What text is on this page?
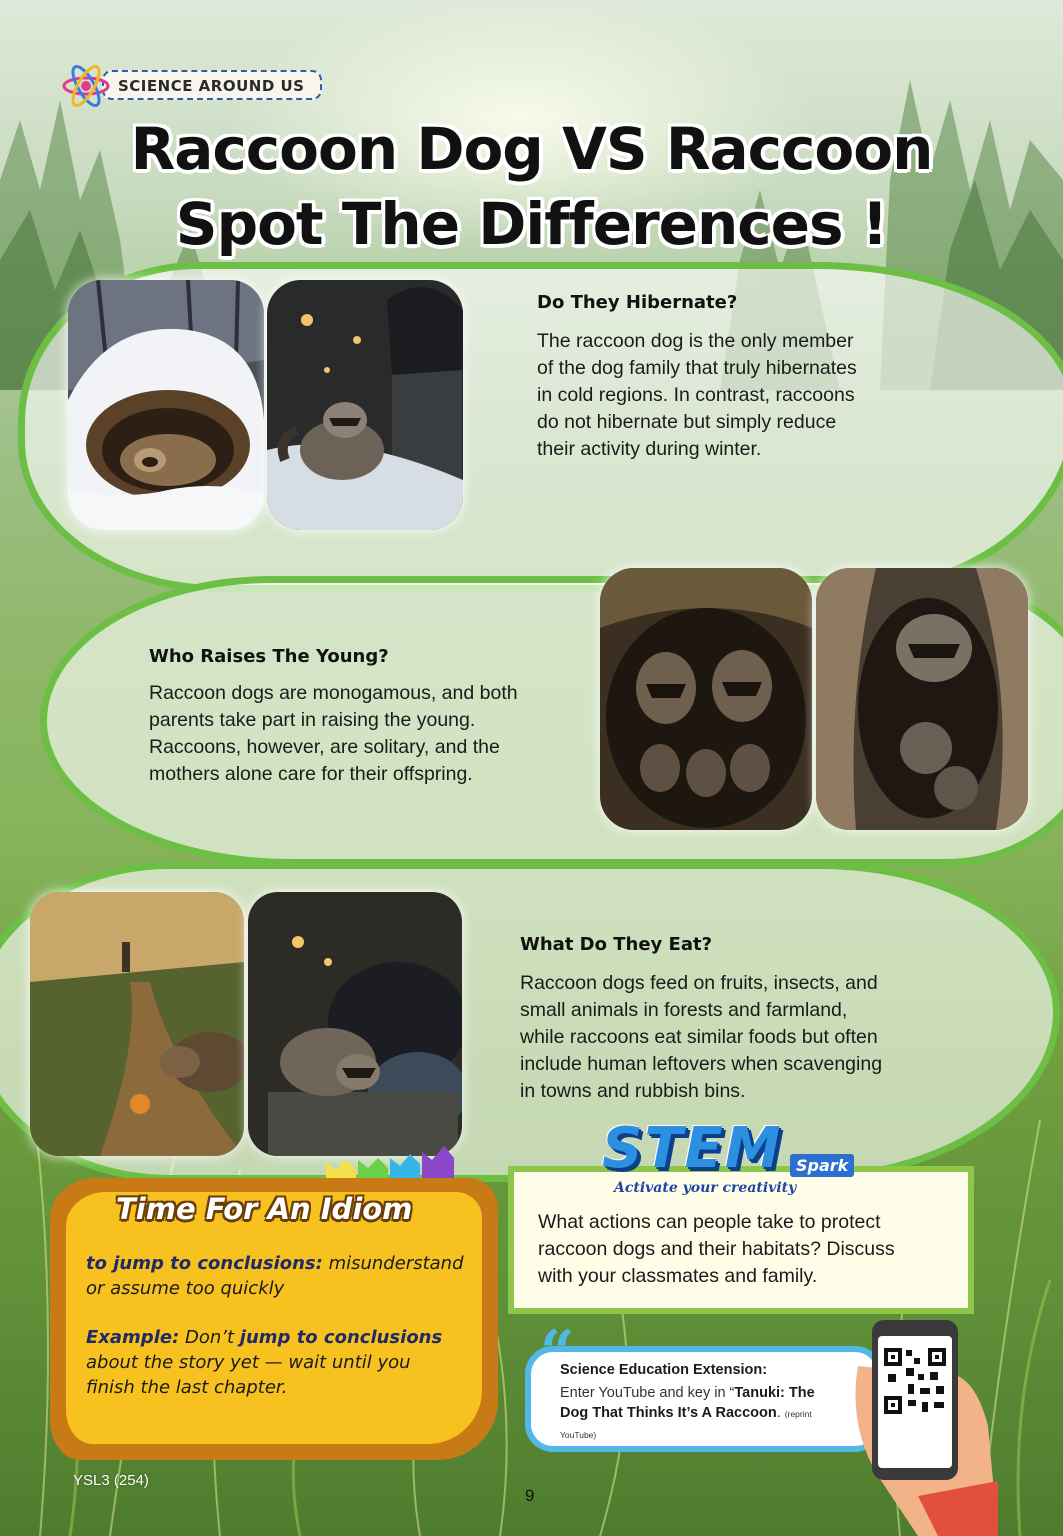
SCIENCE AROUND US
Raccoon Dog VS Raccoon
Spot The Differences !
Do They Hibernate?
The raccoon dog is the only member
of the dog family that truly hibernates
in cold regions. In contrast, raccoons
do not hibernate but simply reduce
their activity during winter.
Who Raises The Young?
Raccoon dogs are monogamous, and both
parents take part in raising the young.
Raccoons, however, are solitary, and the
mothers alone care for their offspring.
What Do They Eat?
Raccoon dogs feed on fruits, insects, and
small animals in forests and farmland,
while raccoons eat similar foods but often
include human leftovers when scavenging
in towns and rubbish bins.
STEM Spark
Activate your creativity
What actions can people take to protect
raccoon dogs and their habitats? Discuss
with your classmates and family.
Time For An Idiom
to jump to conclusions: misunderstand
or assume too quickly
Example: Don’t jump to conclusions
about the story yet — wait until you
finish the last chapter.	“
Science Education Extension:
Enter YouTube and key in “Tanuki: The
Dog That Thinks It’s A Raccoon. (reprint
YouTube)
YSL3 (254)
9
